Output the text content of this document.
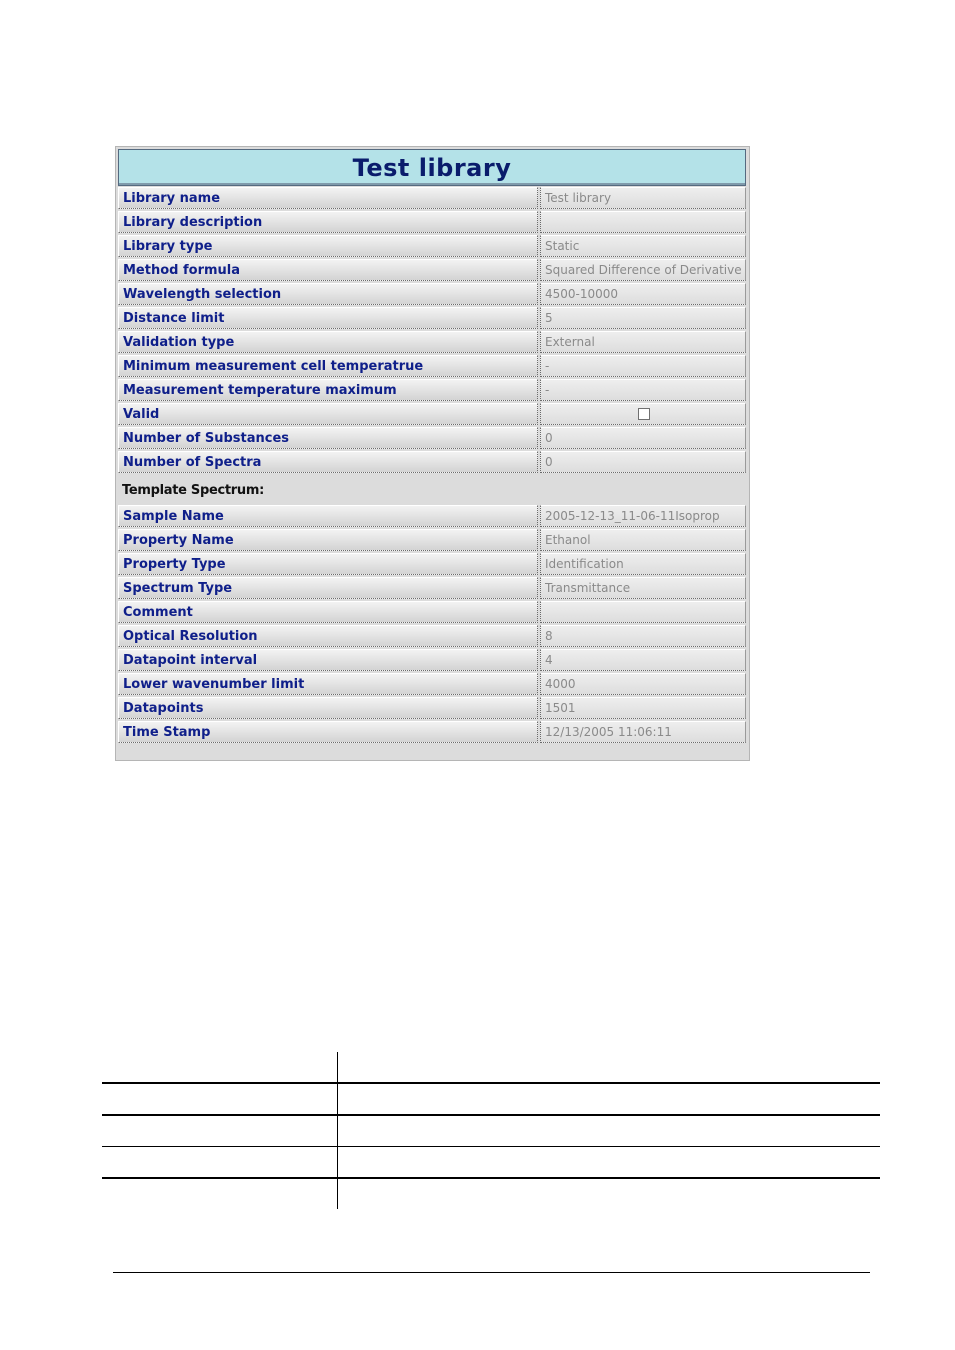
Test library
Library name	Test library
Library description
Library type	Static
Method formula	Squared Difference of Derivative
Wavelength selection	4500-10000
Distance limit	5
Validation type	External
Minimum measurement cell temperatrue	-
Measurement temperature maximum	-
Valid
Number of Substances	0
Number of Spectra	0
Template Spectrum:
Sample Name	2005-12-13_11-06-11Isoprop
Property Name	Ethanol
Property Type	Identification
Spectrum Type	Transmittance
Comment
Optical Resolution	8
Datapoint interval	4
Lower wavenumber limit	4000
Datapoints	1501
Time Stamp	12/13/2005 11:06:11
